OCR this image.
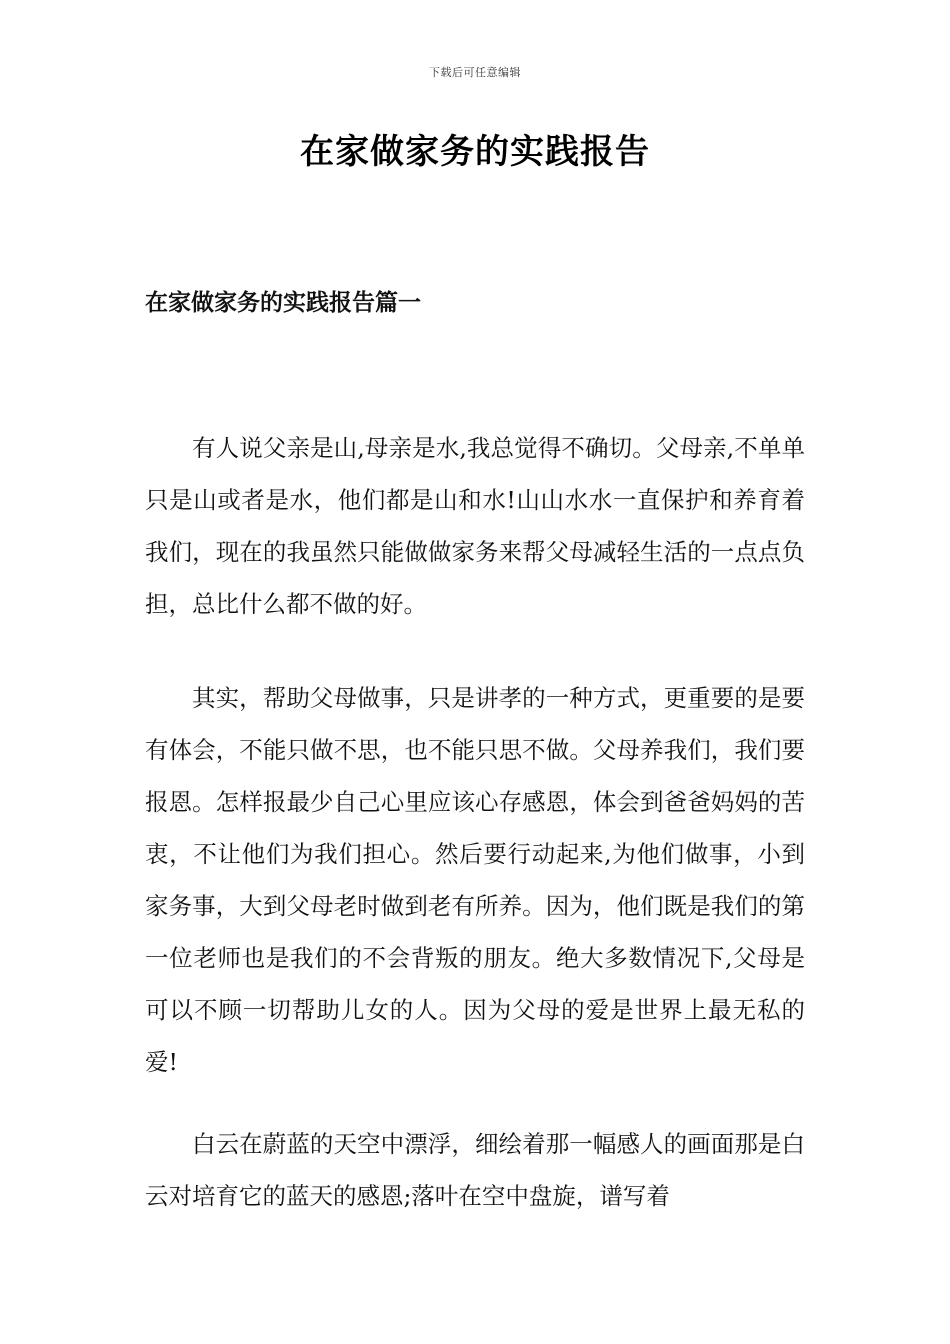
下载后可任意编辑
在家做家务的实践报告
在家做家务的实践报告篇一

有人说父亲是山,母亲是水,我总觉得不确切。父母亲,不单单只是山或者是水，他们都是山和水!山山水水一直保护和养育着我们，现在的我虽然只能做做家务来帮父母减轻生活的一点点负担，总比什么都不做的好。

其实，帮助父母做事，只是讲孝的一种方式，更重要的是要有体会，不能只做不思，也不能只思不做。父母养我们，我们要报恩。怎样报最少自己心里应该心存感恩，体会到爸爸妈妈的苦衷，不让他们为我们担心。然后要行动起来,为他们做事，小到家务事，大到父母老时做到老有所养。因为，他们既是我们的第一位老师也是我们的不会背叛的朋友。绝大多数情况下,父母是可以不顾一切帮助儿女的人。因为父母的爱是世界上最无私的爱!

白云在蔚蓝的天空中漂浮，细绘着那一幅感人的画面那是白云对培育它的蓝天的感恩;落叶在空中盘旋，谱写着
